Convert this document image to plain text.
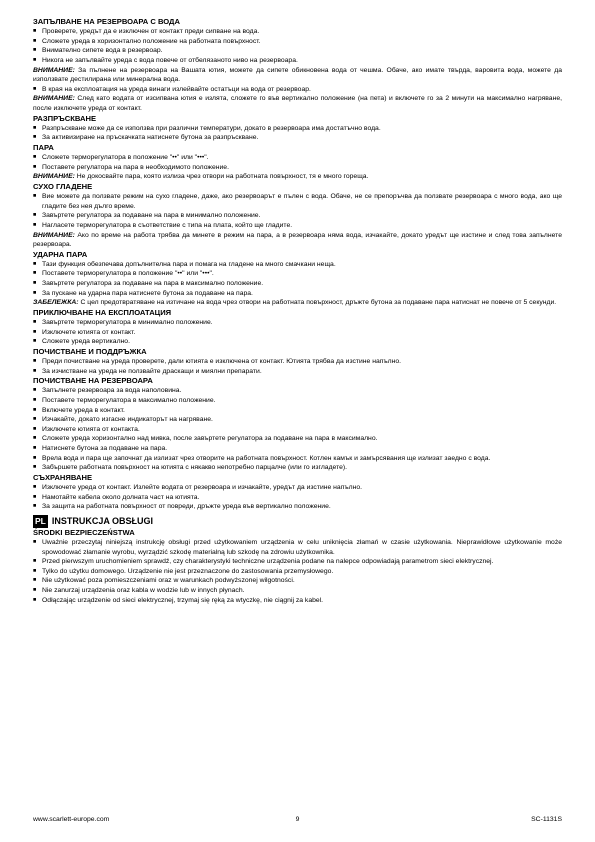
ЗАПЪЛВАНЕ НА РЕЗЕРВОАРА С ВОДА
■ Проверете, уредът да е изключен от контакт преди сипване на вода.
■ Сложете уреда в хоризонтално положение на работната повърхност.
■ Внимателно сипете вода в резервоар.
■ Никога не запълвайте уреда с вода повече от отбелязаното ниво на резервоара.
ВНИМАНИЕ: За пълнене на резервоара на Вашата ютия, можете да сипете обикновена вода от чешма. Обаче, ако имате твърда, варовита вода, можете да използвате дестилирана или минерална вода.
■ В края на експлоатация на уреда винаги излейвайте остатъци на вода от резервоар.
ВНИМАНИЕ: След като водата от изсипвана ютия е излята, сложете го във вертикално положение (на пета) и включете го за 2 минути на максимално нагряване, после изключете уреда от контакт.
РАЗПРЪСКВАНЕ
■ Разпръскване може да се използва при различни температури, докато в резервоара има достатъчно вода.
■ За активизиране на пръскачката натиснете бутона за разпръскване.
ПАРА
■ Сложете терморегулатора в положение "••" или "•••".
■ Поставете регулатора на пара в необходимото положение.
ВНИМАНИЕ: Не докосвайте пара, която излиза чрез отвори на работната повърхност, тя е много гореща.
СУХО ГЛАДЕНЕ
■ Вие можете да ползвате режим на сухо гладене, даже, ако резервоарът е пълен с вода. Обаче, не се препоръчва да ползвате резервоара с много вода, ако ще гладите без нея дълго време.
■ Завъртете регулатора за подаване на пара в минимално положение.
■ Нагласете терморегулатора в съответствие с типа на плата, който ще гладите.
ВНИМАНИЕ: Ако по време на работа трябва да минете в режим на пара, а в резервоара няма вода, изчакайте, докато уредът ще изстине и след това запълнете резервоара.
УДАРНА ПАРА
■ Тази функция обезпечава допълнителна пара и помага на гладене на много смачкани неща.
■ Поставете терморегулатора в положение "••" или "•••".
■ Завъртете регулатора за подаване на пара в максимално положение.
■ За пускане на ударна пара натиснете бутона за подаване на пара.
ЗАБЕЛЕЖКА: С цел предотвратяване на изтичане на вода чрез отвори на работната повърхност, дръжте бутона за подаване пара натиснат не повече от 5 секунди.
ПРИКЛЮЧВАНЕ НА ЕКСПЛОАТАЦИЯ
■ Завъртете терморегулатора в минимално положение.
■ Изключете ютията от контакт.
■ Сложете уреда вертикално.
ПОЧИСТВАНЕ И ПОДДРЪЖКА
■ Преди почистване на уреда проверете, дали ютията е изключена от контакт. Ютията трябва да изстине напълно.
■ За изчистване на уреда не ползвайте драскащи и миялни препарати.
ПОЧИСТВАНЕ НА РЕЗЕРВОАРА
■ Запълнете резервоара за вода наполовина.
■ Поставете терморегулатора в максимално положение.
■ Включете уреда в контакт.
■ Изчакайте, докато изгасне индикаторът на нагряване.
■ Изключете ютията от контакта.
■ Сложете уреда хоризонтално над мивка, после завъртете регулатора за подаване на пара в максимално.
■ Натиснете бутона за подаване на пара.
■ Врела вода и пара ще започнат да излизат чрез отворите на работната повърхност. Котлен камък и замърсявания ще излизат заедно с вода.
■ Забършете работната повърхност на ютията с някакво непотребно парцалче (или го изгладете).
СЪХРАНЯВАНЕ
■ Изключете уреда от контакт. Излейте водата от резервоара и изчакайте, уредът да изстине напълно.
■ Намотайте кабела около долната част на ютията.
■ За защита на работната повърхност от повреди, дръжте уреда във вертикално положение.
PL INSTRUKCJA OBSŁUGI
ŚRODKI BEZPIECZEŃSTWA
■ Uważnie przeczytaj niniejszą instrukcję obsługi przed użytkowaniem urządzenia w celu uniknięcia złamań w czasie użytkowania. Nieprawidłowe użytkowanie może spowodować złamanie wyrobu, wyrządzić szkodę materialną lub szkodę na zdrowiu użytkownika.
■ Przed pierwszym uruchomieniem sprawdź, czy charakterystyki techniczne urządzenia podane na nalepce odpowiadają parametrom sieci elektrycznej.
■ Tylko do użytku domowego. Urządzenie nie jest przeznaczone do zastosowania przemysłowego.
■ Nie użytkować poza pomieszczeniami oraz w warunkach podwyższonej wilgotności.
■ Nie zanurzaj urządzenia oraz kabla w wodzie lub w innych płynach.
■ Odłączając urządzenie od sieci elektrycznej, trzymaj się ręką za wtyczkę, nie ciągnij za kabel.
9
www.scarlett-europe.com	SC-1131S
